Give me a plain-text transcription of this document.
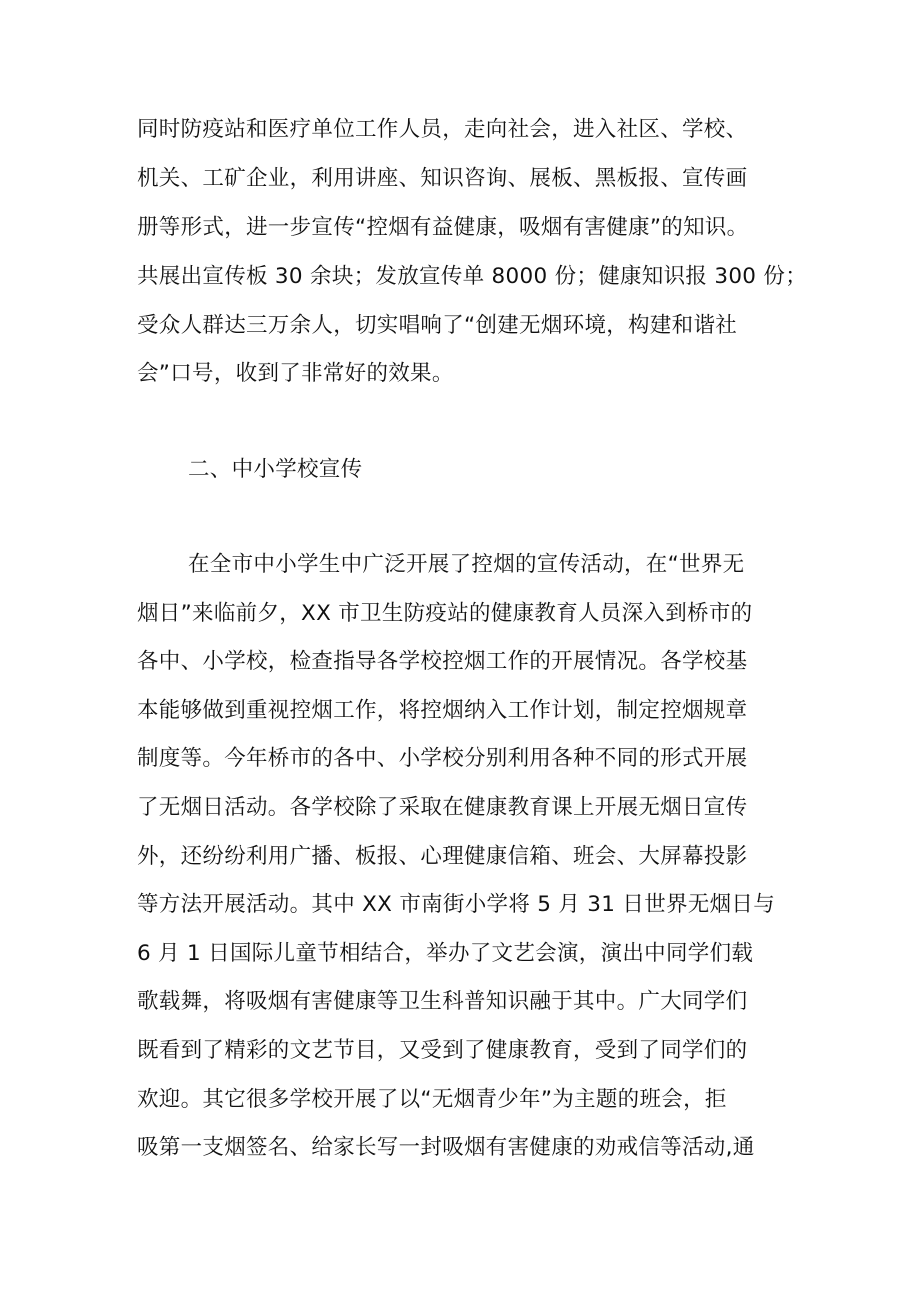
同时防疫站和医疗单位工作人员，走向社会，进入社区、学校、
机关、工矿企业，利用讲座、知识咨询、展板、黑板报、宣传画
册等形式，进一步宣传“控烟有益健康，吸烟有害健康”的知识。
共展出宣传板 30 余块；发放宣传单 8000 份；健康知识报 300 份；
受众人群达三万余人，切实唱响了“创建无烟环境，构建和谐社
会”口号，收到了非常好的效果。
二、中小学校宣传
在全市中小学生中广泛开展了控烟的宣传活动，在“世界无
烟日”来临前夕，XX 市卫生防疫站的健康教育人员深入到桥市的
各中、小学校，检查指导各学校控烟工作的开展情况。各学校基
本能够做到重视控烟工作，将控烟纳入工作计划，制定控烟规章
制度等。今年桥市的各中、小学校分别利用各种不同的形式开展
了无烟日活动。各学校除了采取在健康教育课上开展无烟日宣传
外，还纷纷利用广播、板报、心理健康信箱、班会、大屏幕投影
等方法开展活动。其中 XX 市南街小学将 5 月 31 日世界无烟日与
6 月 1 日国际儿童节相结合，举办了文艺会演，演出中同学们载
歌载舞，将吸烟有害健康等卫生科普知识融于其中。广大同学们
既看到了精彩的文艺节目，又受到了健康教育，受到了同学们的
欢迎。其它很多学校开展了以“无烟青少年”为主题的班会，拒
吸第一支烟签名、给家长写一封吸烟有害健康的劝戒信等活动,通
